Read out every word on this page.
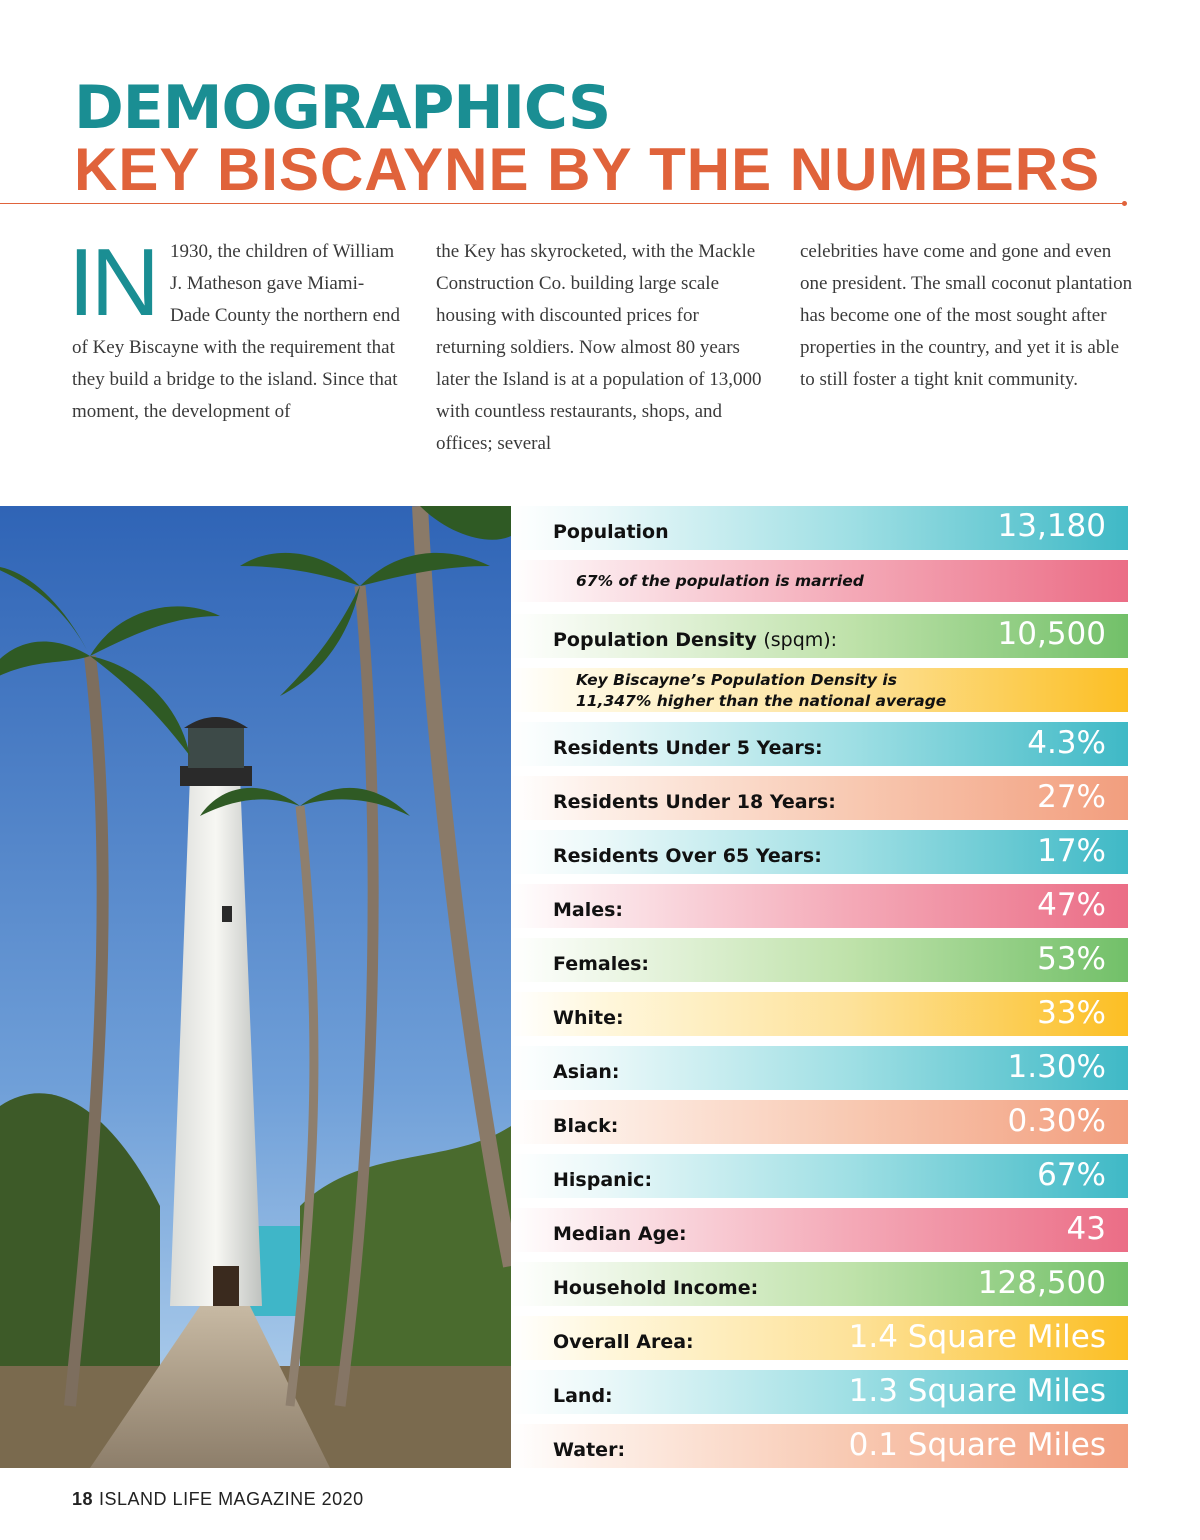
DEMOGRAPHICS
KEY BISCAYNE BY THE NUMBERS
IN 1930, the children of William J. Matheson gave Miami-Dade County the northern end of Key Biscayne with the requirement that they build a bridge to the island. Since that moment, the development of

the Key has skyrocketed, with the Mackle Construction Co. building large scale housing with discounted prices for returning soldiers. Now almost 80 years later the Island is at a population of 13,000 with countless restaurants, shops, and offices; several

celebrities have come and gone and even one president. The small coconut plantation has become one of the most sought after properties in the country, and yet it is able to still foster a tight knit community.

Population	13,180
67% of the population is married
Population Density (spqm):	10,500
Key Biscayne’s Population Density is
11,347% higher than the national average
Residents Under 5 Years:	4.3%
Residents Under 18 Years:	27%
Residents Over 65 Years:	17%
Males:	47%
Females:	53%
White:	33%
Asian:	1.30%
Black:	0.30%
Hispanic:	67%
Median Age:	43
Household Income:	128,500
Overall Area:	1.4 Square Miles
Land:	1.3 Square Miles
Water:	0.1 Square Miles
18 ISLAND LIFE MAGAZINE 2020
